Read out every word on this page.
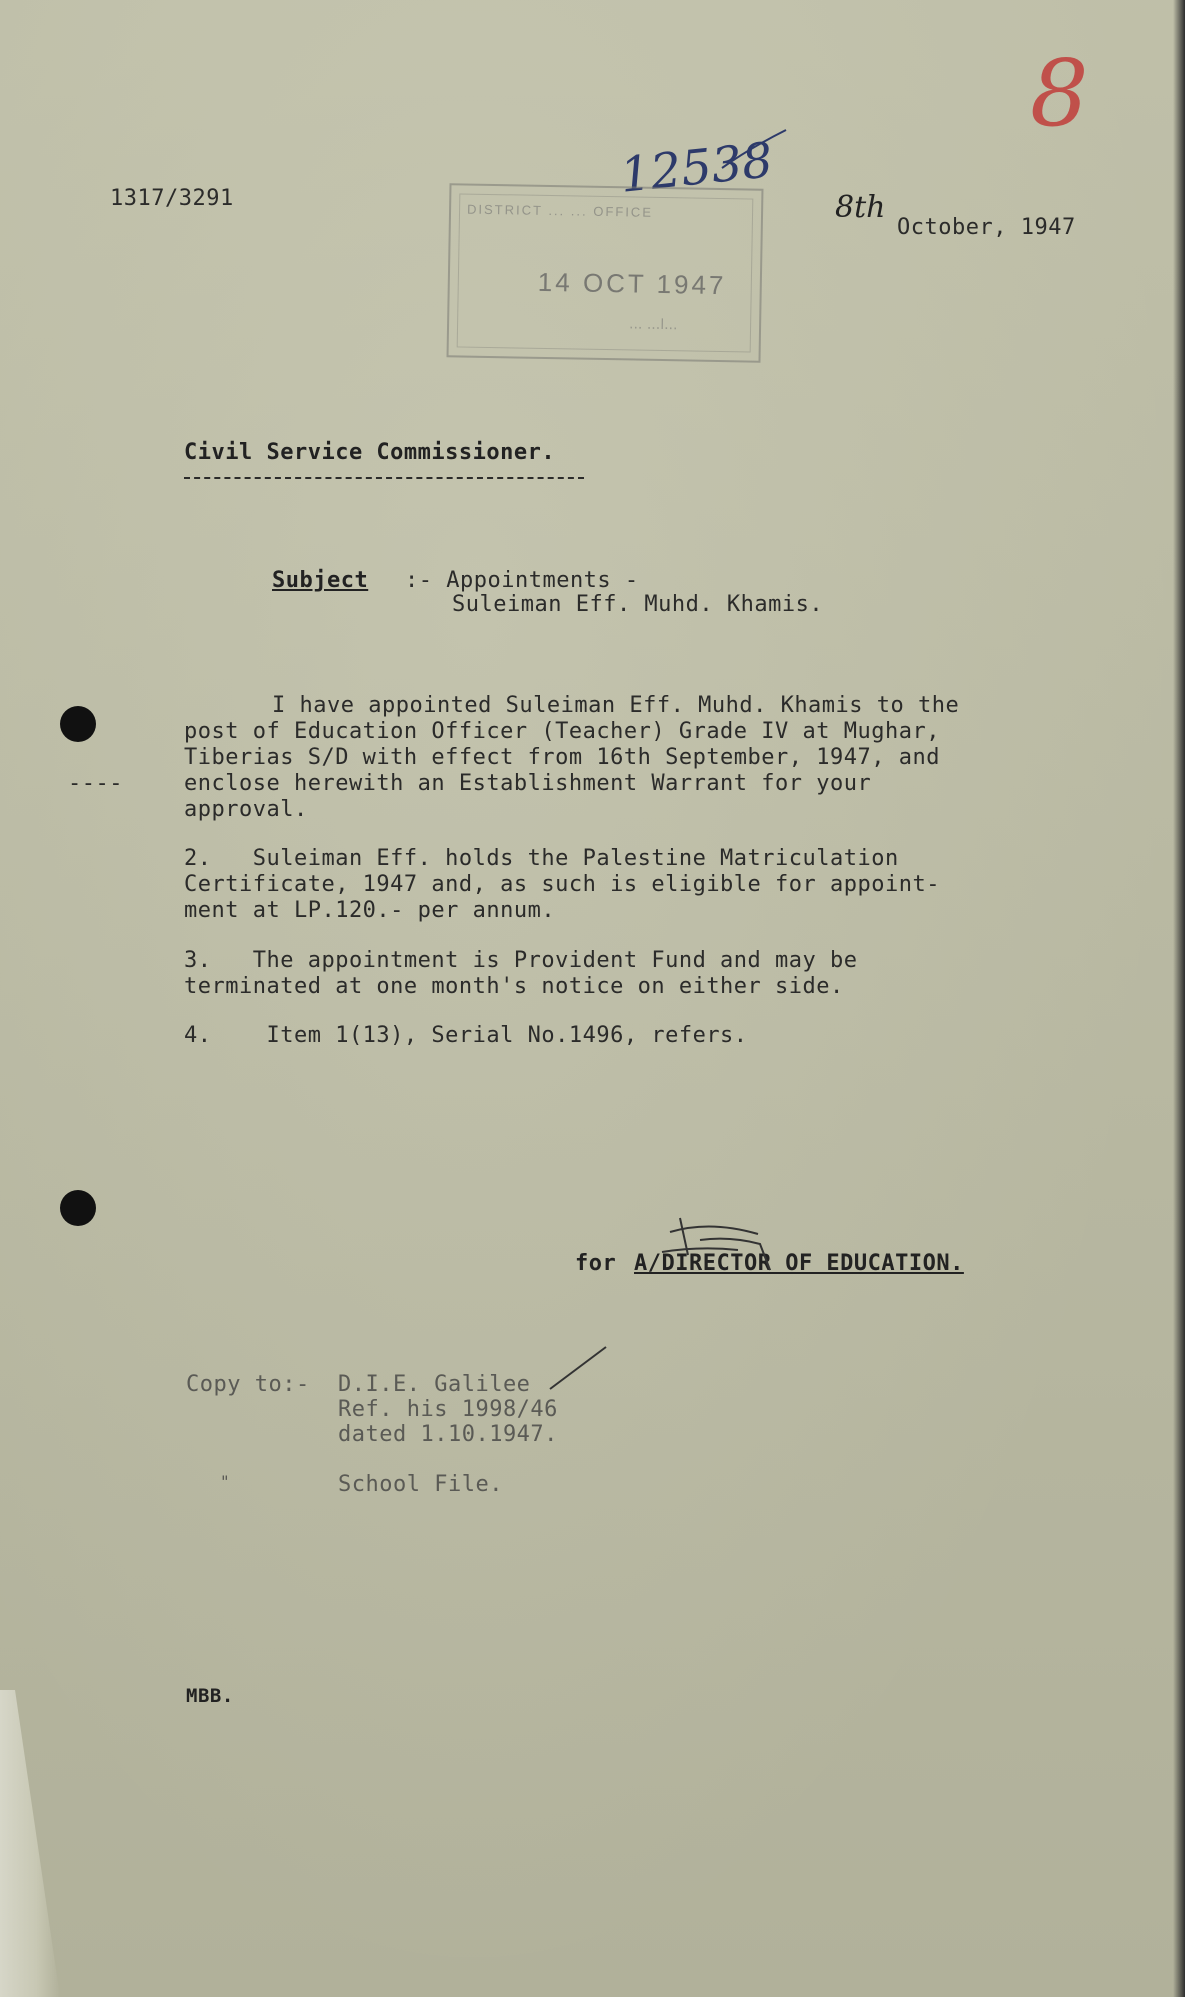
1317/3291	12538
8
8th
October, 1947
DISTRICT ... ... OFFICE
14 OCT 1947
... ...ا...
Civil Service Commissioner.
Subject :- Appointments -
Suleiman Eff. Muhd. Khamis.
----
I have appointed Suleiman Eff. Muhd. Khamis to the
post of Education Officer (Teacher) Grade IV at Mughar,
Tiberias S/D with effect from 16th September, 1947, and
enclose herewith an Establishment Warrant for your
approval.
2.   Suleiman Eff. holds the Palestine Matriculation
Certificate, 1947 and, as such is eligible for appoint-
ment at LP.120.- per annum.
3.   The appointment is Provident Fund and may be
terminated at one month's notice on either side.
4.    Item 1(13), Serial No.1496, refers.
for A/DIRECTOR OF EDUCATION.
Copy to:- D.I.E. Galilee
Ref. his 1998/46
dated 1.10.1947.
"	School File.
MBB.
